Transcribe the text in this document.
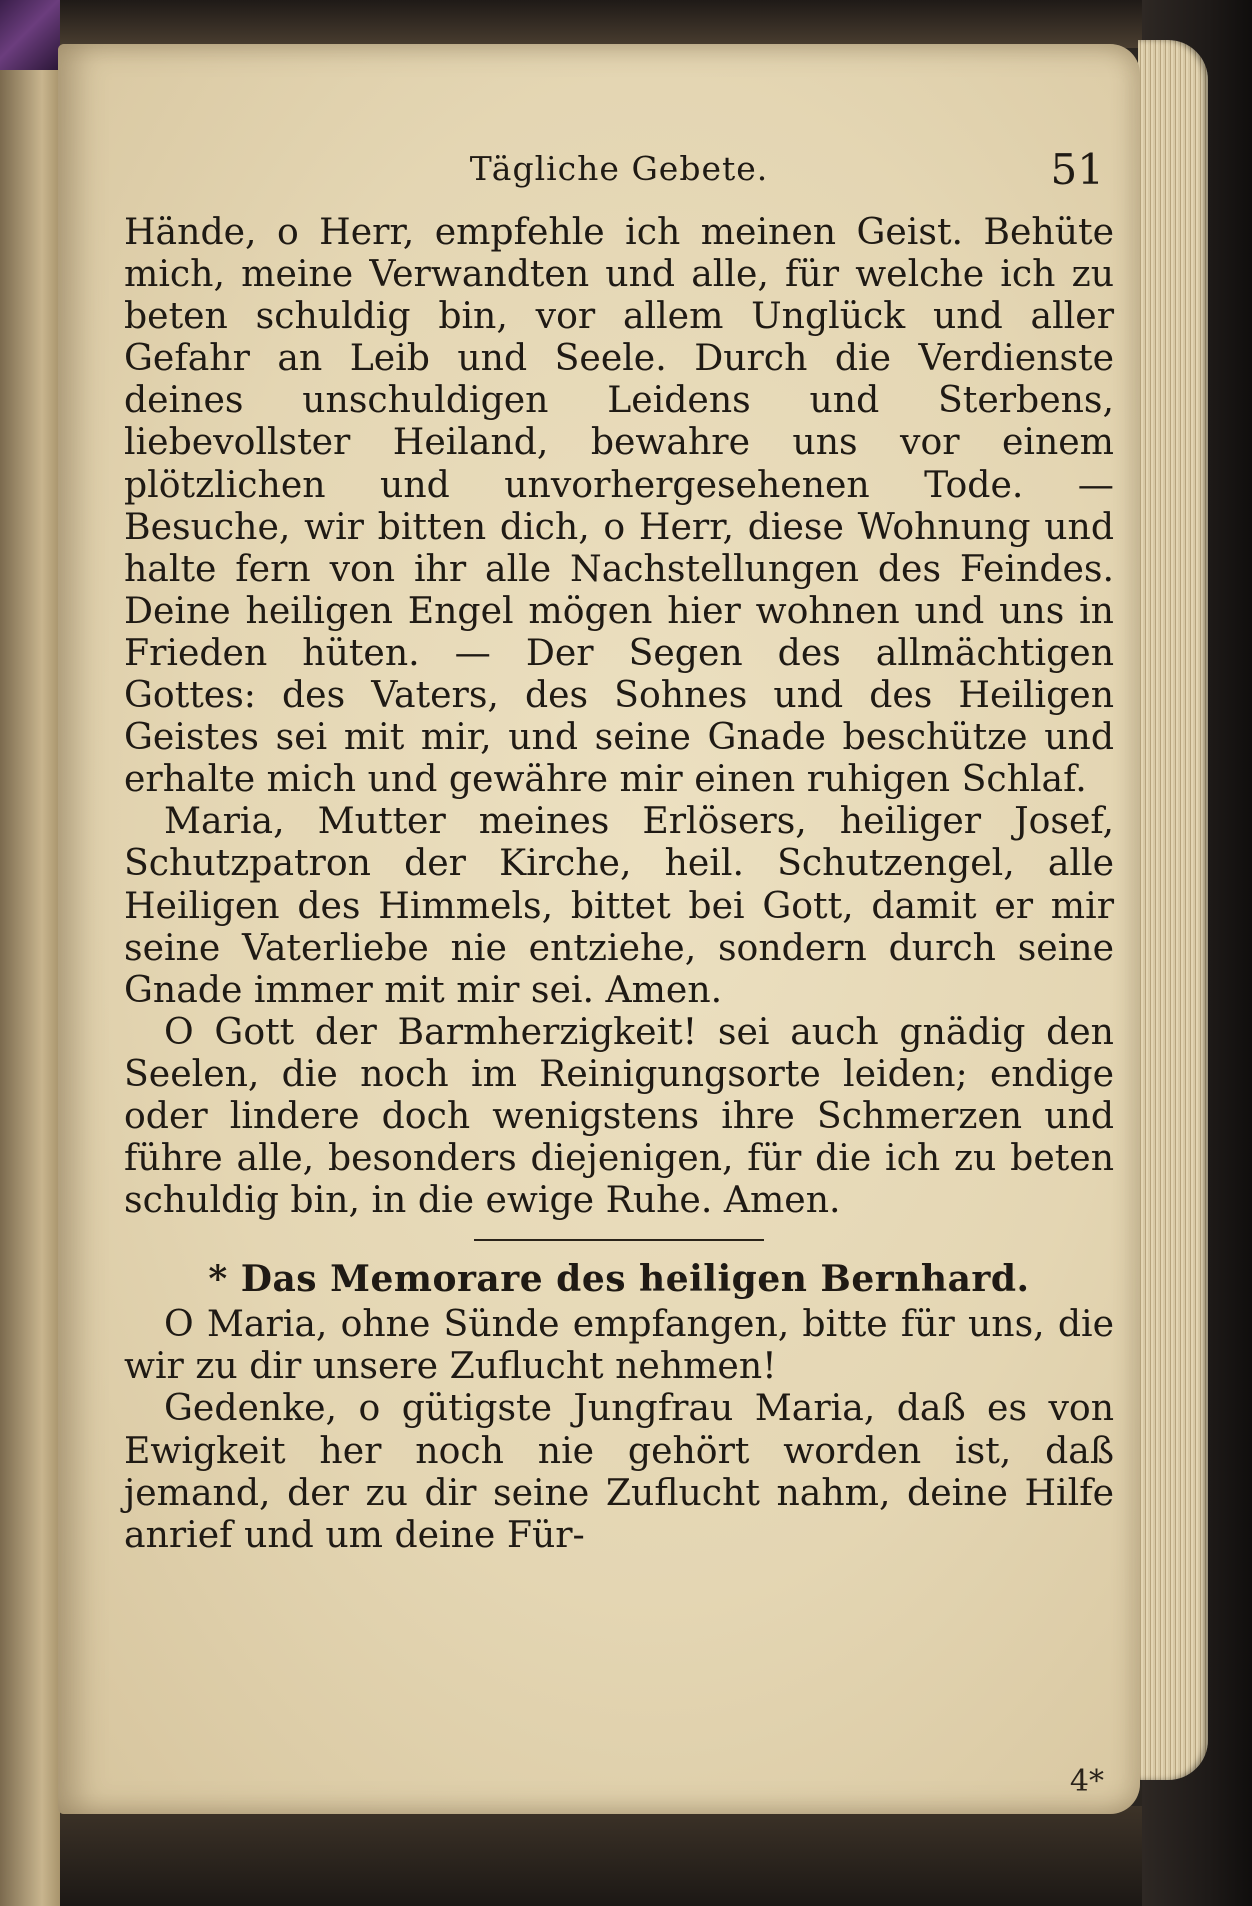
Tägliche Gebete.	51

Hände, o Herr, empfehle ich meinen Geist. Behüte mich, meine Verwandten und alle, für welche ich zu beten schuldig bin, vor allem Unglück und aller Gefahr an Leib und Seele. Durch die Verdienste deines unschuldigen Leidens und Sterbens, liebevollster Heiland, bewahre uns vor einem plötzlichen und unvorhergesehenen Tode. — Besuche, wir bitten dich, o Herr, diese Wohnung und halte fern von ihr alle Nachstellungen des Feindes. Deine heiligen Engel mögen hier wohnen und uns in Frieden hüten. — Der Segen des allmächtigen Gottes: des Vaters, des Sohnes und des Heiligen Geistes sei mit mir, und seine Gnade beschütze und erhalte mich und gewähre mir einen ruhigen Schlaf.

Maria, Mutter meines Erlösers, heiliger Josef, Schutzpatron der Kirche, heil. Schutzengel, alle Heiligen des Himmels, bittet bei Gott, damit er mir seine Vaterliebe nie entziehe, sondern durch seine Gnade immer mit mir sei. Amen.

O Gott der Barmherzigkeit! sei auch gnädig den Seelen, die noch im Reinigungsorte leiden; endige oder lindere doch wenigstens ihre Schmerzen und führe alle, besonders diejenigen, für die ich zu beten schuldig bin, in die ewige Ruhe. Amen.

* Das Memorare des heiligen Bernhard.

O Maria, ohne Sünde empfangen, bitte für uns, die wir zu dir unsere Zuflucht nehmen!

Gedenke, o gütigste Jungfrau Maria, daß es von Ewigkeit her noch nie gehört worden ist, daß jemand, der zu dir seine Zuflucht nahm, deine Hilfe anrief und um deine Für-

4*
